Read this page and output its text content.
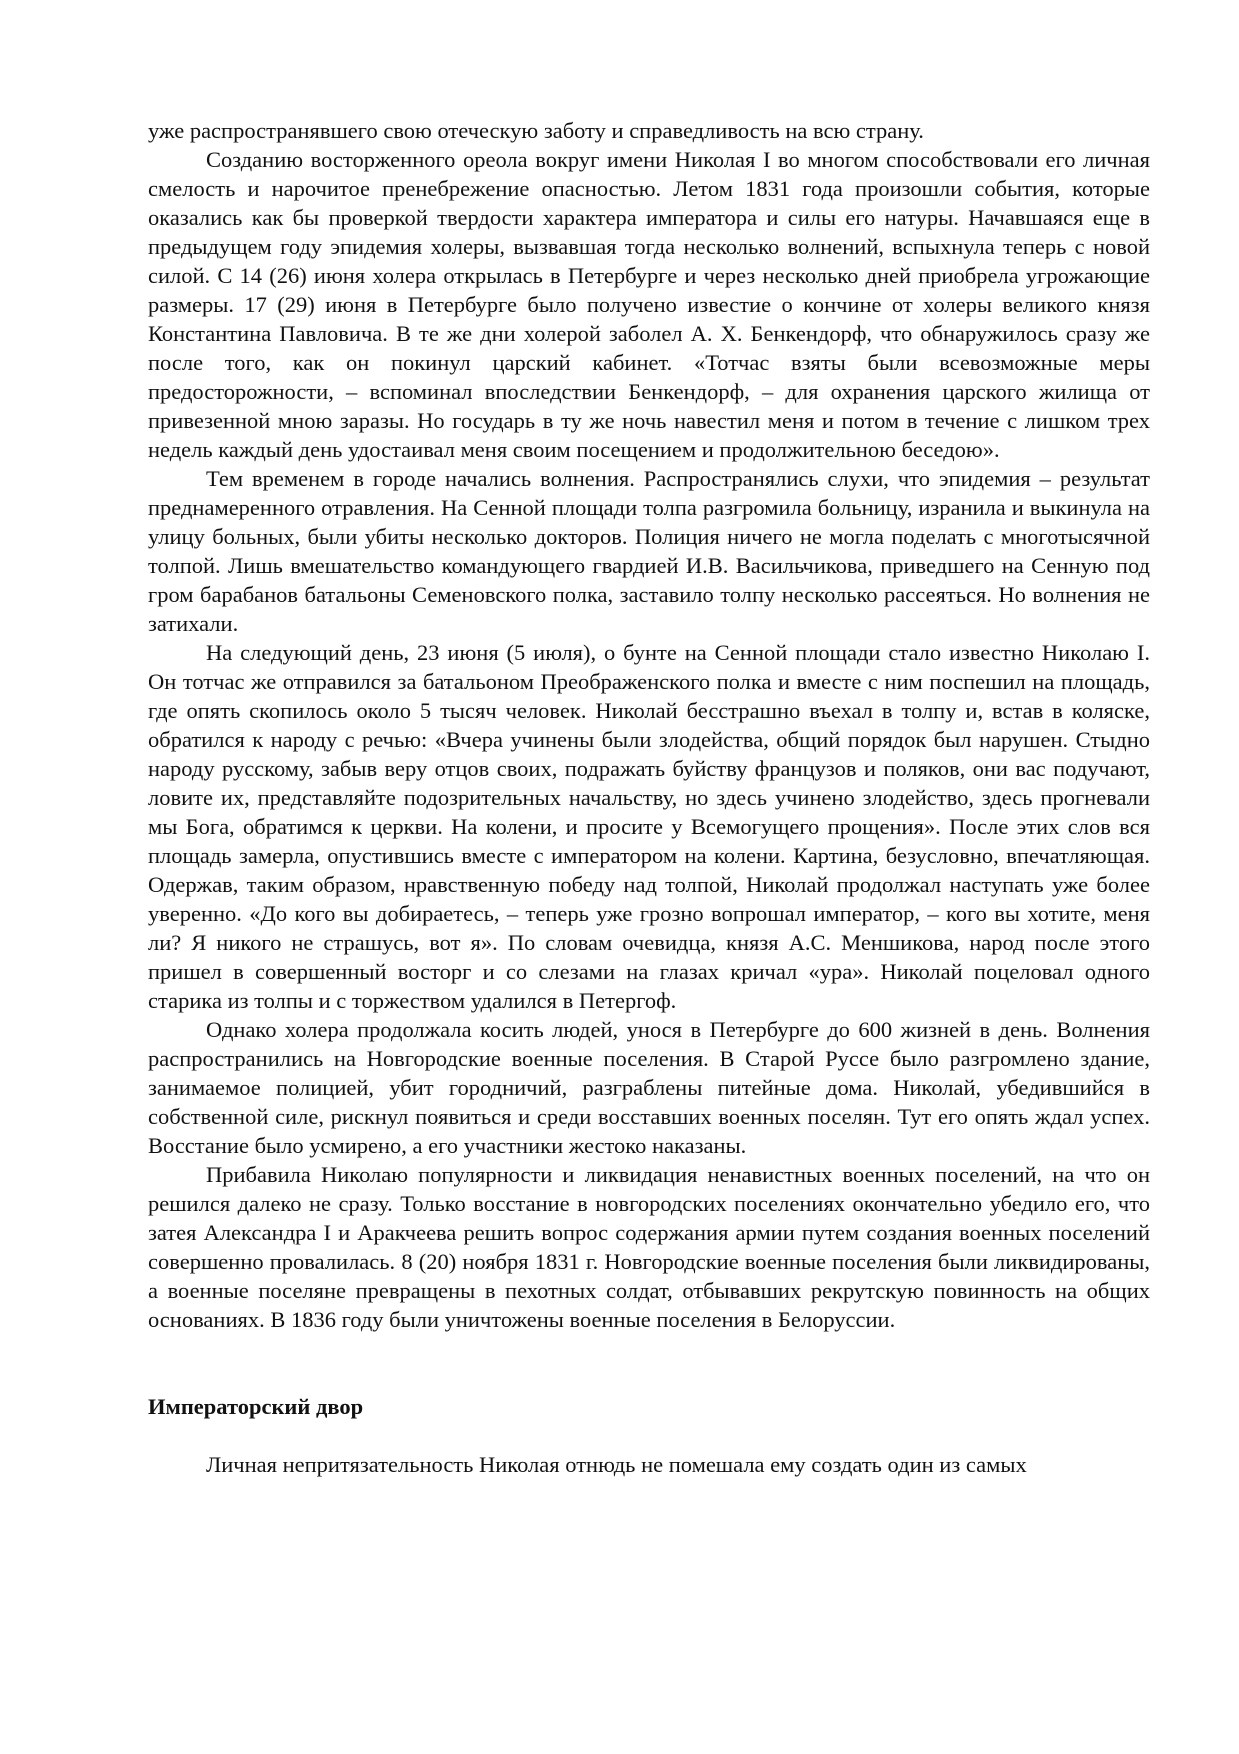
уже распространявшего свою отеческую заботу и справедливость на всю страну.

Созданию восторженного ореола вокруг имени Николая I во многом способствовали его личная смелость и нарочитое пренебрежение опасностью. Летом 1831 года произошли события, которые оказались как бы проверкой твердости характера императора и силы его натуры. Начавшаяся еще в предыдущем году эпидемия холеры, вызвавшая тогда несколько волнений, вспыхнула теперь с новой силой. С 14 (26) июня холера открылась в Петербурге и через несколько дней приобрела угрожающие размеры. 17 (29) июня в Петербурге было получено известие о кончине от холеры великого князя Константина Павловича. В те же дни холерой заболел А. Х. Бенкендорф, что обнаружилось сразу же после того, как он покинул царский кабинет. «Тотчас взяты были всевозможные меры предосторожности, – вспоминал впоследствии Бенкендорф, – для охранения царского жилища от привезенной мною заразы. Но государь в ту же ночь навестил меня и потом в течение с лишком трех недель каждый день удостаивал меня своим посещением и продолжительною беседою».

Тем временем в городе начались волнения. Распространялись слухи, что эпидемия – результат преднамеренного отравления. На Сенной площади толпа разгромила больницу, изранила и выкинула на улицу больных, были убиты несколько докторов. Полиция ничего не могла поделать с многотысячной толпой. Лишь вмешательство командующего гвардией И.В. Васильчикова, приведшего на Сенную под гром барабанов батальоны Семеновского полка, заставило толпу несколько рассеяться. Но волнения не затихали.

На следующий день, 23 июня (5 июля), о бунте на Сенной площади стало известно Николаю I. Он тотчас же отправился за батальоном Преображенского полка и вместе с ним поспешил на площадь, где опять скопилось около 5 тысяч человек. Николай бесстрашно въехал в толпу и, встав в коляске, обратился к народу с речью: «Вчера учинены были злодейства, общий порядок был нарушен. Стыдно народу русскому, забыв веру отцов своих, подражать буйству французов и поляков, они вас подучают, ловите их, представляйте подозрительных начальству, но здесь учинено злодейство, здесь прогневали мы Бога, обратимся к церкви. На колени, и просите у Всемогущего прощения». После этих слов вся площадь замерла, опустившись вместе с императором на колени. Картина, безусловно, впечатляющая. Одержав, таким образом, нравственную победу над толпой, Николай продолжал наступать уже более уверенно. «До кого вы добираетесь, – теперь уже грозно вопрошал император, – кого вы хотите, меня ли? Я никого не страшусь, вот я». По словам очевидца, князя А.С. Меншикова, народ после этого пришел в совершенный восторг и со слезами на глазах кричал «ура». Николай поцеловал одного старика из толпы и с торжеством удалился в Петергоф.

Однако холера продолжала косить людей, унося в Петербурге до 600 жизней в день. Волнения распространились на Новгородские военные поселения. В Старой Руссе было разгромлено здание, занимаемое полицией, убит городничий, разграблены питейные дома. Николай, убедившийся в собственной силе, рискнул появиться и среди восставших военных поселян. Тут его опять ждал успех. Восстание было усмирено, а его участники жестоко наказаны.

Прибавила Николаю популярности и ликвидация ненавистных военных поселений, на что он решился далеко не сразу. Только восстание в новгородских поселениях окончательно убедило его, что затея Александра I и Аракчеева решить вопрос содержания армии путем создания военных поселений совершенно провалилась. 8 (20) ноября 1831 г. Новгородские военные поселения были ликвидированы, а военные поселяне превращены в пехотных солдат, отбывавших рекрутскую повинность на общих основаниях. В 1836 году были уничтожены военные поселения в Белоруссии.

Императорский двор

Личная непритязательность Николая отнюдь не помешала ему создать один из самых
